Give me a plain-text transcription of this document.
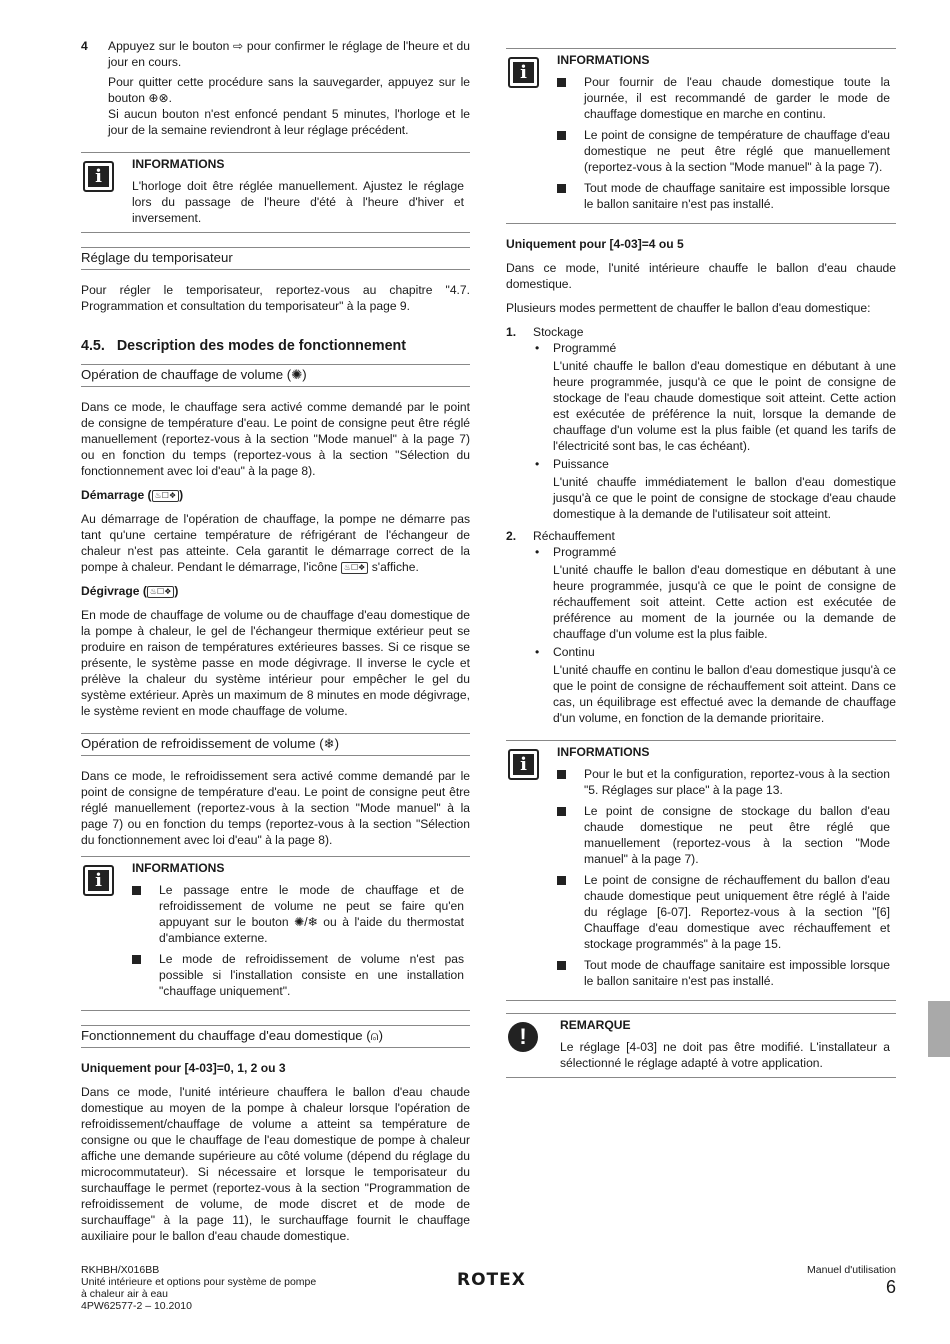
4	Appuyez sur le bouton ⇨ pour confirmer le réglage de l'heure et du jour en cours.

Pour quitter cette procédure sans la sauvegarder, appuyez sur le bouton ⊕⊗.

Si aucun bouton n'est enfoncé pendant 5 minutes, l'horloge et le jour de la semaine reviendront à leur réglage précédent.

i
INFORMATIONS

L'horloge doit être réglée manuellement. Ajustez le réglage lors du passage de l'heure d'été à l'heure d'hiver et inversement.

Réglage du temporisateur

Pour régler le temporisateur, reportez-vous au chapitre "4.7. Programmation et consultation du temporisateur" à la page 9.

4.5. Description des modes de fonctionnement
Opération de chauffage de volume (✺)

Dans ce mode, le chauffage sera activé comme demandé par le point de consigne de température d'eau. Le point de consigne peut être réglé manuellement (reportez-vous à la section "Mode manuel" à la page 7) ou en fonction du temps (reportez-vous à la section "Sélection du fonctionnement avec loi d'eau" à la page 8).

Démarrage ( ♨☐❖ )

Au démarrage de l'opération de chauffage, la pompe ne démarre pas tant qu'une certaine température de réfrigérant de l'échangeur de chaleur n'est pas atteinte. Cela garantit le démarrage correct de la pompe à chaleur. Pendant le démarrage, l'icône ♨☐❖ s'affiche.

Dégivrage ( ♨☐❖ )

En mode de chauffage de volume ou de chauffage d'eau domestique de la pompe à chaleur, le gel de l'échangeur thermique extérieur peut se produire en raison de températures extérieures basses. Si ce risque se présente, le système passe en mode dégivrage. Il inverse le cycle et prélève la chaleur du système intérieur pour empêcher le gel du système extérieur. Après un maximum de 8 minutes en mode dégivrage, le système revient en mode chauffage de volume.

Opération de refroidissement de volume (❄)

Dans ce mode, le refroidissement sera activé comme demandé par le point de consigne de température d'eau. Le point de consigne peut être réglé manuellement (reportez-vous à la section "Mode manuel" à la page 7) ou en fonction du temps (reportez-vous à la section "Sélection du fonctionnement avec loi d'eau" à la page 8).

i
INFORMATIONS
Le passage entre le mode de chauffage et de refroidissement de volume ne peut se faire qu'en appuyant sur le bouton ✺/❄ ou à l'aide du thermostat d'ambiance externe.
Le mode de refroidissement de volume n'est pas possible si l'installation consiste en une installation "chauffage uniquement".
Fonctionnement du chauffage d'eau domestique (⍝)
Uniquement pour [4-03]=0, 1, 2 ou 3

Dans ce mode, l'unité intérieure chauffera le ballon d'eau chaude domestique au moyen de la pompe à chaleur lorsque l'opération de refroidissement/chauffage de volume a atteint sa température de consigne ou que le chauffage de l'eau domestique de pompe à chaleur affiche une demande supérieure au côté volume (dépend du réglage du microcommutateur). Si nécessaire et lorsque le temporisateur du surchauffage le permet (reportez-vous à la section "Programmation de refroidissement de volume, de mode discret et de mode de surchauffage" à la page 11), le surchauffage fournit le chauffage auxiliaire pour le ballon d'eau chaude domestique.

i
INFORMATIONS
Pour fournir de l'eau chaude domestique toute la journée, il est recommandé de garder le mode de chauffage domestique en marche en continu.
Le point de consigne de température de chauffage d'eau domestique ne peut être réglé que manuellement (reportez-vous à la section "Mode manuel" à la page 7).
Tout mode de chauffage sanitaire est impossible lorsque le ballon sanitaire n'est pas installé.
Uniquement pour [4-03]=4 ou 5

Dans ce mode, l'unité intérieure chauffe le ballon d'eau chaude domestique.

Plusieurs modes permettent de chauffer le ballon d'eau domestique:

1.	Stockage
•	Programmé

L'unité chauffe le ballon d'eau domestique en débutant à une heure programmée, jusqu'à ce que le point de consigne de stockage de l'eau chaude domestique soit atteint. Cette action est exécutée de préférence la nuit, lorsque la demande de chauffage d'un volume est la plus faible (et quand les tarifs de l'électricité sont bas, le cas échéant).

•	Puissance

L'unité chauffe immédiatement le ballon d'eau domestique jusqu'à ce que le point de consigne de stockage d'eau chaude domestique à la demande de l'utilisateur soit atteint.

2.	Réchauffement
•	Programmé

L'unité chauffe le ballon d'eau domestique en débutant à une heure programmée, jusqu'à ce que le point de consigne de réchauffement soit atteint. Cette action est exécutée de préférence au moment de la journée ou la demande de chauffage d'un volume est la plus faible.

•	Continu

L'unité chauffe en continu le ballon d'eau domestique jusqu'à ce que le point de consigne de réchauffement soit atteint. Dans ce cas, un équilibrage est effectué avec la demande de chauffage d'un volume, en fonction de la demande prioritaire.

i
INFORMATIONS
Pour le but et la configuration, reportez-vous à la section "5. Réglages sur place" à la page 13.
Le point de consigne de stockage du ballon d'eau chaude domestique ne peut être réglé que manuellement (reportez-vous à la section "Mode manuel" à la page 7).
Le point de consigne de réchauffement du ballon d'eau chaude domestique peut uniquement être réglé à l'aide du réglage [6-07]. Reportez-vous à la section "[6] Chauffage d'eau domestique avec réchauffement et stockage programmés" à la page 15.
Tout mode de chauffage sanitaire est impossible lorsque le ballon sanitaire n'est pas installé.
!	REMARQUE

Le réglage [4-03] ne doit pas être modifié. L'installateur a sélectionné le réglage adapté à votre application.

RKHBH/X016BB
Unité intérieure et options pour système de pompe
à chaleur air à eau
4PW62577-2 – 10.2010
ROTEX	Manuel d'utilisation
6
